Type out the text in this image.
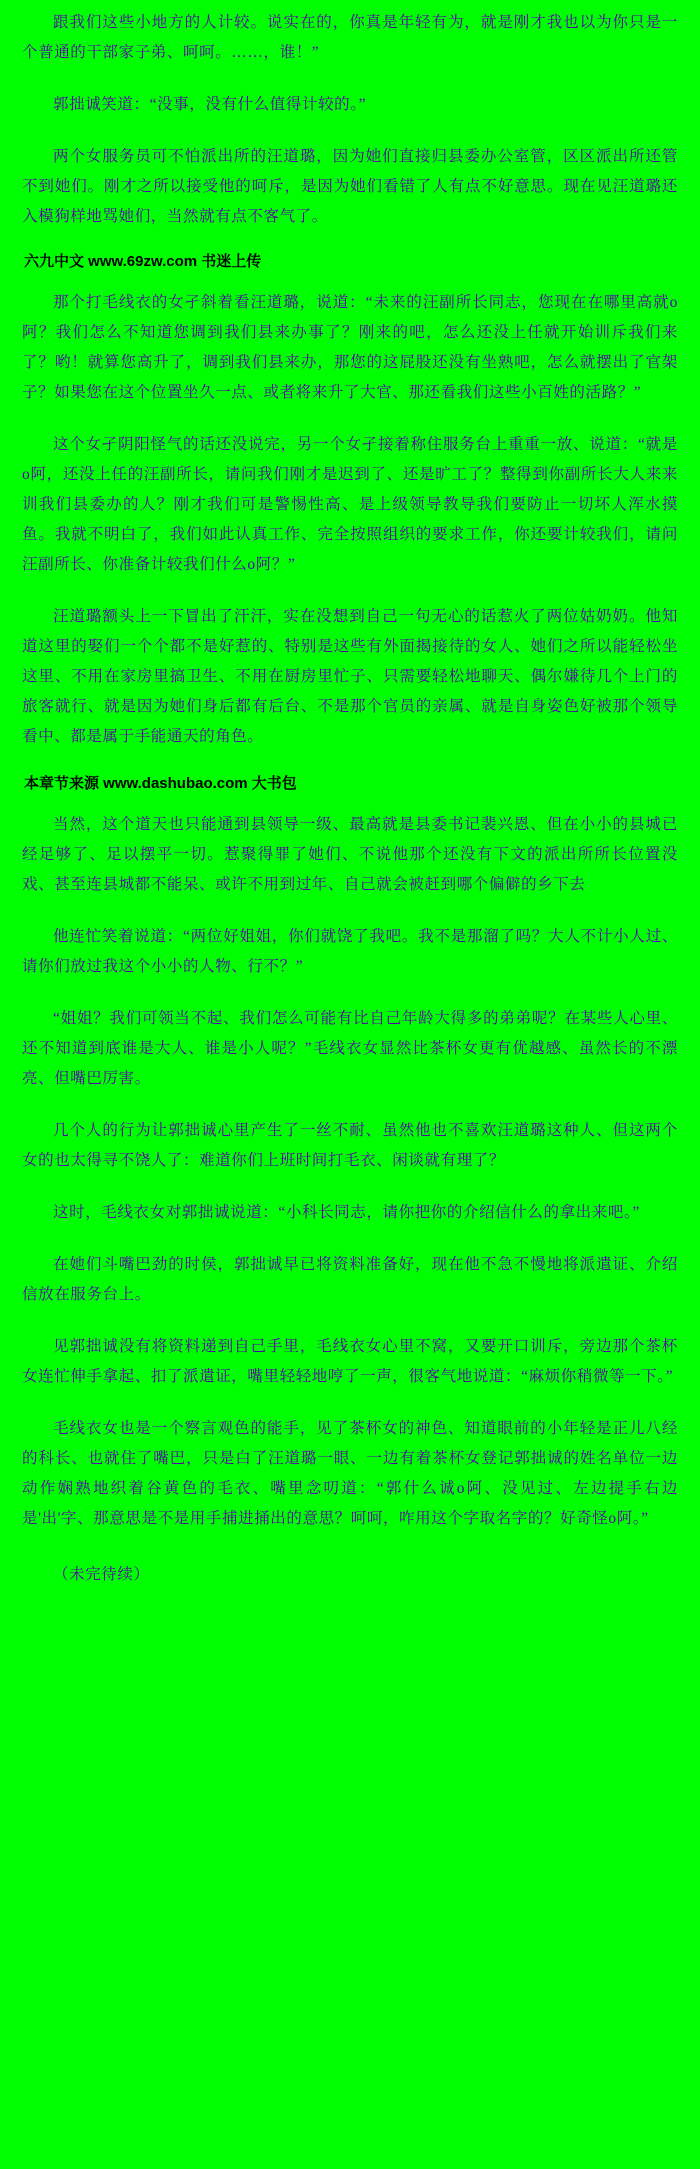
跟我们这些小地方的人计较。说实在的，你真是年轻有为，就是刚才我也以为你只是一个普通的干部家子弟、呵呵。……，谁！”

郭拙诚笑道：“没事，没有什么值得计较的。”

两个女服务员可不怕派出所的汪道璐，因为她们直接归县委办公室管，区区派出所还管不到她们。刚才之所以接受他的呵斥，是因为她们看错了人有点不好意思。现在见汪道璐还入模狗样地骂她们，当然就有点不客气了。

六九中文 www.69zw.com 书迷上传

那个打毛线衣的女孑斜着看汪道璐，说道：“未来的汪副所长同志，您现在在哪里高就o阿？我们怎么不知道您调到我们县来办事了？刚来的吧，怎么还没上任就开始训斥我们来了？哟！就算您高升了，调到我们县来办，那您的这屁股还没有坐熟吧，怎么就摆出了官架子？如果您在这个位置坐久一点、或者将来升了大官、那还看我们这些小百姓的活路？”

这个女孑阴阳怪气的话还没说完，另一个女孑接着称住服务台上重重一放、说道：“就是o阿，还没上任的汪副所长，请问我们刚才是迟到了、还是旷工了？整得到你副所长大人来来训我们县委办的人？刚才我们可是警惕性高、是上级领导教导我们要防止一切坏人浑水摸鱼。我就不明白了，我们如此认真工作、完全按照组织的要求工作，你还要计较我们，请问汪副所长、你准备计较我们什么o阿？”

汪道璐额头上一下冒出了汗汗，实在没想到自己一句无心的话惹火了两位姑奶奶。他知道这里的娶们一个个都不是好惹的、特别是这些有外面揭接待的女人、她们之所以能轻松坐这里、不用在家房里搞卫生、不用在厨房里忙子、只需要轻松地聊天、偶尔嫌待几个上门的旅客就行、就是因为她们身后都有后台、不是那个官员的亲属、就是自身姿色好被那个领导看中、都是属于手能通天的角色。

本章节来源 www.dashubao.com 大书包

当然，这个道天也只能通到县领导一级、最高就是县委书记裴兴恩、但在小小的县城已经足够了、足以摆平一切。惹聚得罪了她们、不说他那个还没有下文的派出所所长位置没戏、甚至连县城都不能呆、或许不用到过年、自己就会被赶到哪个偏僻的乡下去

他连忙笑着说道：“两位好姐姐，你们就饶了我吧。我不是那溜了吗？大人不计小人过、请你们放过我这个小小的人物、行不？”

“姐姐？我们可领当不起、我们怎么可能有比自己年龄大得多的弟弟呢？在某些人心里、还不知道到底谁是大人、谁是小人呢？”毛线衣女显然比茶杯女更有优越感、虽然长的不漂亮、但嘴巴厉害。

几个人的行为让郭拙诚心里产生了一丝不耐、虽然他也不喜欢汪道璐这种人、但这两个女的也太得寻不饶人了：难道你们上班时间打毛衣、闲谈就有理了？

这时，毛线衣女对郭拙诚说道：“小科长同志，请你把你的介绍信什么的拿出来吧。”

在她们斗嘴巴劲的时侯，郭拙诚早已将资料准备好，现在他不急不慢地将派遣证、介绍信放在服务台上。

见郭拙诚没有将资料递到自己手里，毛线衣女心里不窝，又要开口训斥，旁边那个茶杯女连忙伸手拿起、扣了派遣证，嘴里轻轻地哼了一声，很客气地说道：“麻烦你稍微等一下。”

毛线衣女也是一个察言观色的能手，见了茶杯女的神色、知道眼前的小年轻是正儿八经的科长、也就住了嘴巴，只是白了汪道璐一眼、一边有着茶杯女登记郭拙诚的姓名单位一边动作娴熟地织着谷黄色的毛衣、嘴里念叨道：“郭什么诚o阿、没见过、左边提手右边是'出'字、那意思是不是用手捕进捅出的意思？呵呵，咋用这个字取名字的？好奇怪o阿。”

（未完待续）
